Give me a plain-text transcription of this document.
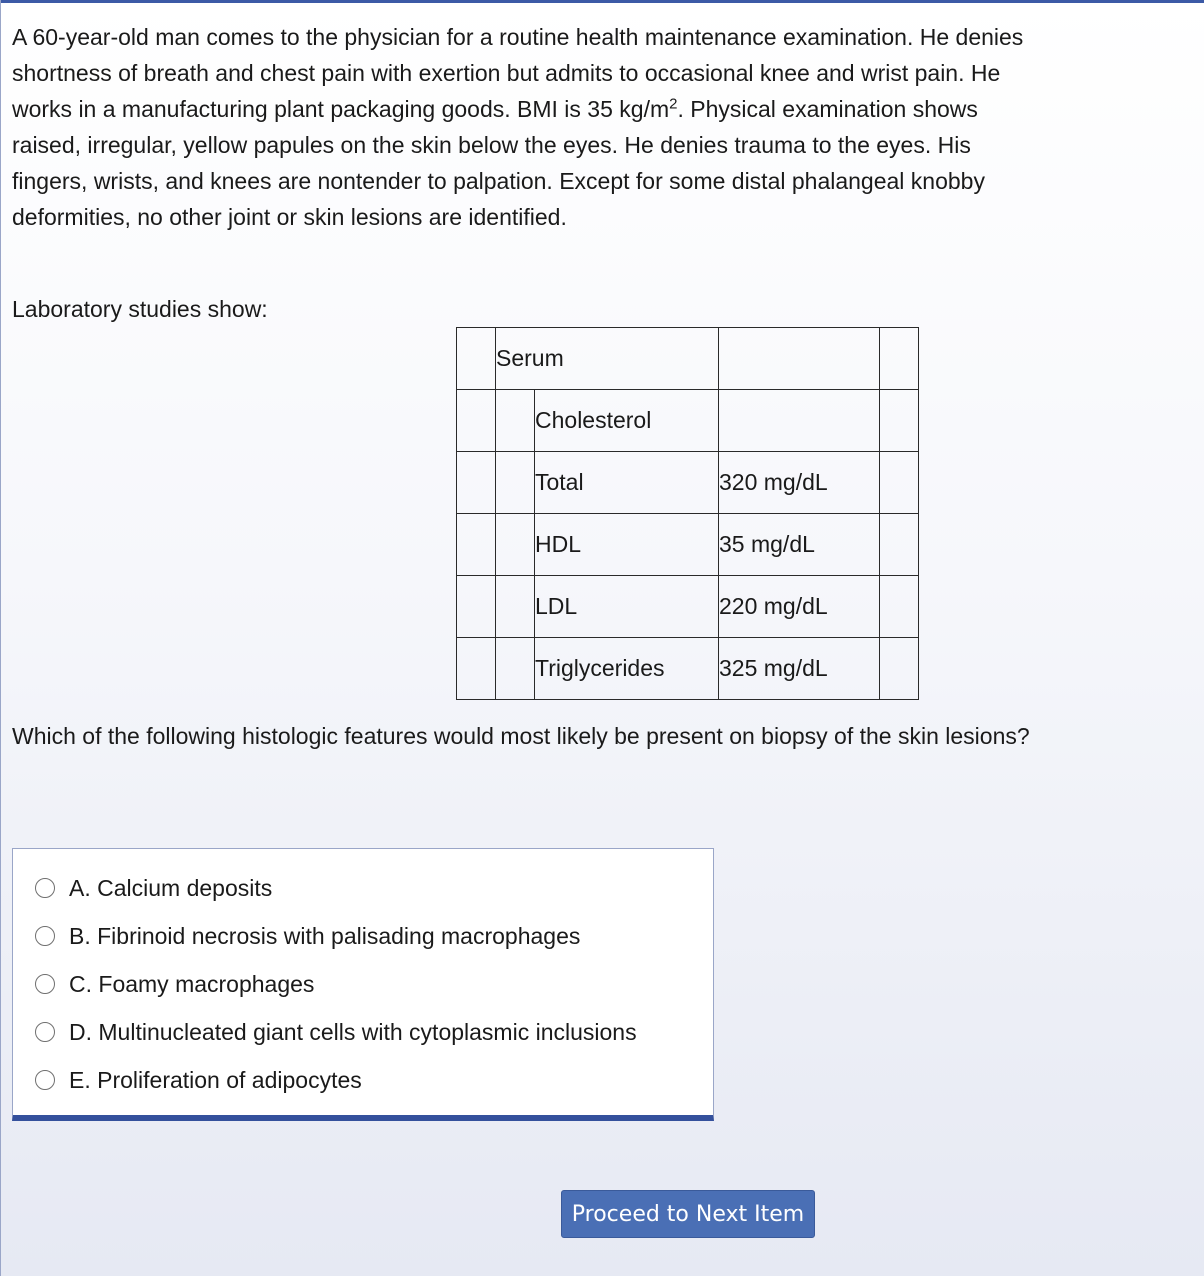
A 60-year-old man comes to the physician for a routine health maintenance examination. He denies shortness of breath and chest pain with exertion but admits to occasional knee and wrist pain. He works in a manufacturing plant packaging goods. BMI is 35 $kg/m^2$. Physical examination shows raised, irregular, yellow papules on the skin below the eyes. He denies trauma to the eyes. His fingers, wrists, and knees are nontender to palpation. Except for some distal phalangeal knobby deformities, no other joint or skin lesions are identified.

Laboratory studies show:

	Serum			
		Cholesterol		
		Total	320 mg/dL	
		HDL	35 mg/dL	
		LDL	220 mg/dL	
		Triglycerides	325 mg/dL	

Which of the following histologic features would most likely be present on biopsy of the skin lesions?

A. Calcium deposits
B. Fibrinoid necrosis with palisading macrophages
C. Foamy macrophages
D. Multinucleated giant cells with cytoplasmic inclusions
E. Proliferation of adipocytes
Proceed to Next Item
